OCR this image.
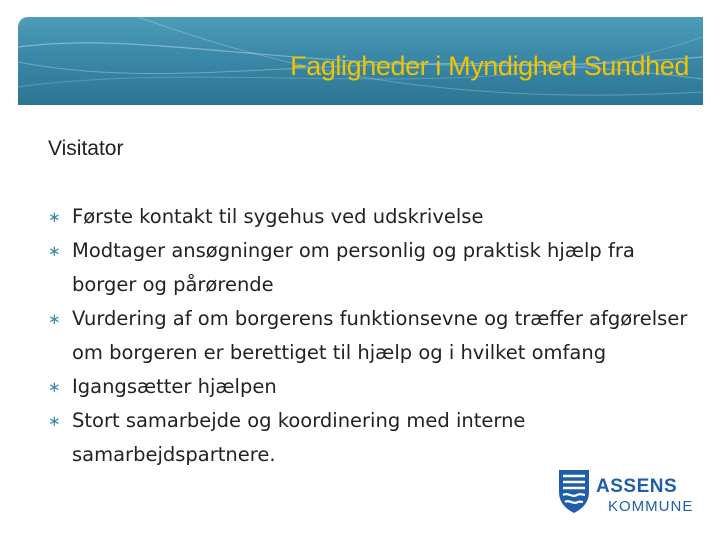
Fagligheder i Myndighed Sundhed
Visitator
∗ Første kontakt til sygehus ved udskrivelse
∗ Modtager ansøgninger om personlig og praktisk hjælp fra borger og pårørende
∗ Vurdering af om borgerens funktionsevne og træffer afgørelser om borgeren er berettiget til hjælp og i hvilket omfang
∗ Igangsætter hjælpen
∗ Stort samarbejde og koordinering med interne samarbejdspartnere.
ASSENS
KOMMUNE
